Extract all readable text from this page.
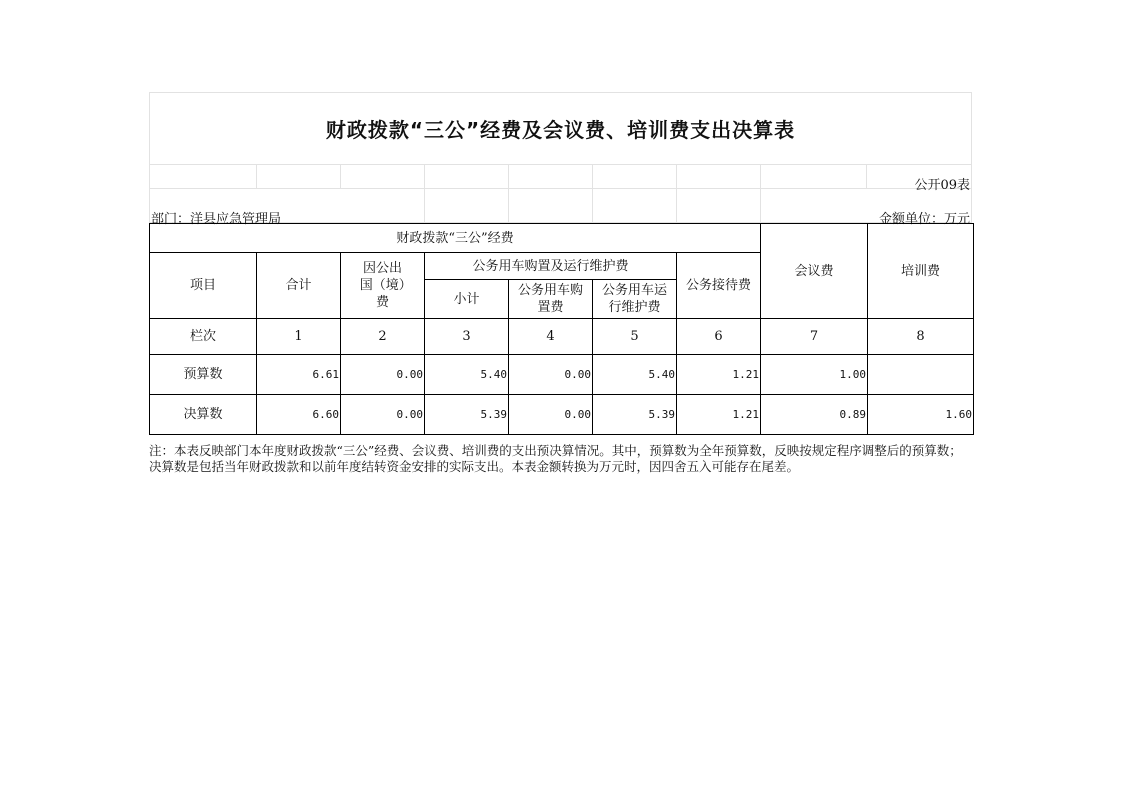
财政拨款“三公”经费及会议费、培训费支出决算表
公开09表
部门：洋县应急管理局	金额单位：万元
财政拨款“三公”经费							会议费	培训费
项目	合计	因公出国（境）费	公务用车购置及运行维护费			公务接待费		
			小计	公务用车购置费	公务用车运行维护费			
栏次	1	2	3	4	5	6	7	8
预算数	6.61	0.00	5.40	0.00	5.40	1.21	1.00	
决算数	6.60	0.00	5.39	0.00	5.39	1.21	0.89	1.60
注：本表反映部门本年度财政拨款“三公”经费、会议费、培训费的支出预决算情况。其中，预算数为全年预算数，反映按规定程序调整后的预算数；决算数是包括当年财政拨款和以前年度结转资金安排的实际支出。本表金额转换为万元时，因四舍五入可能存在尾差。
